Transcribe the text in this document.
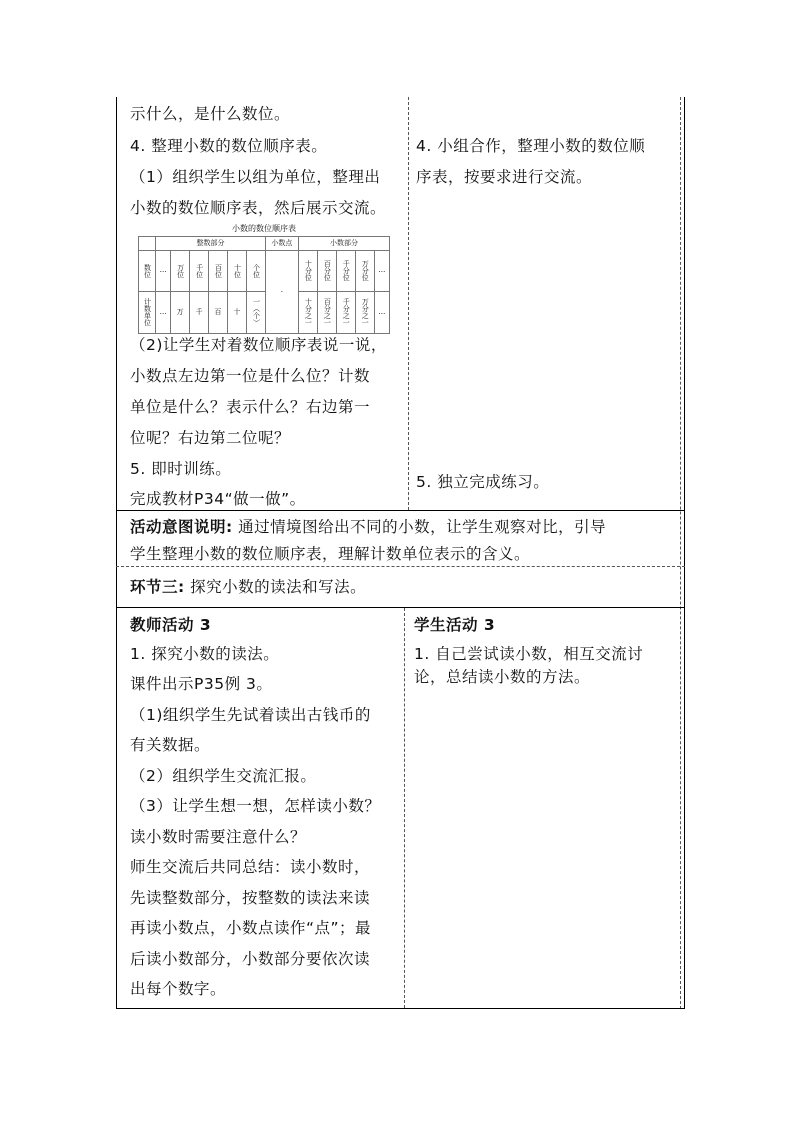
示什么，是什么数位。
4. 整理小数的数位顺序表。
（1）组织学生以组为单位，整理出
小数的数位顺序表，然后展示交流。
小数的数位顺序表
	整数部分						小数点	小数部分				

数位	…	万位	千位	百位	十位	个位	·	十分位	百分位	千分位	万分位	…

计数单位	…	万	千	百	十	一（个）		十分之一	百分之一	千分之一	万分之一	…
（2)让学生对着数位顺序表说一说，
小数点左边第一位是什么位？计数
单位是什么？表示什么？右边第一
位呢？右边第二位呢？
5. 即时训练。
完成教材P34“做一做”。
4. 小组合作，整理小数的数位顺
序表，按要求进行交流。
5. 独立完成练习。
活动意图说明: 通过情境图给出不同的小数，让学生观察对比，引导
学生整理小数的数位顺序表，理解计数单位表示的含义。
环节三: 探究小数的读法和写法。
教师活动 3	学生活动 3
1. 探究小数的读法。
课件出示P35例 3。
（1)组织学生先试着读出古钱币的
有关数据。
（2）组织学生交流汇报。
（3）让学生想一想，怎样读小数？
读小数时需要注意什么？
师生交流后共同总结：读小数时，
先读整数部分，按整数的读法来读
再读小数点，小数点读作“点”；最
后读小数部分，小数部分要依次读
出每个数字。
1. 自己尝试读小数，相互交流讨
论，总结读小数的方法。
